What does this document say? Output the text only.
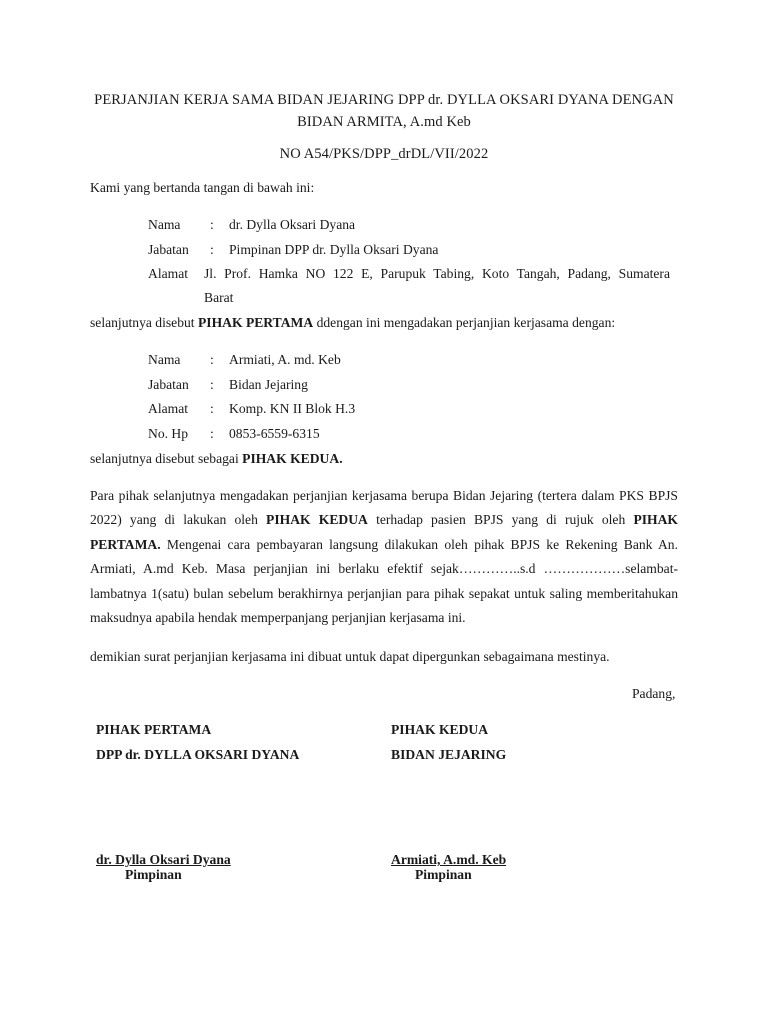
PERJANJIAN KERJA SAMA BIDAN JEJARING DPP dr. DYLLA OKSARI DYANA DENGAN
BIDAN ARMITA, A.md Keb
NO A54/PKS/DPP_drDL/VII/2022
Kami yang bertanda tangan di bawah ini:
Nama : dr. Dylla Oksari Dyana
Jabatan : Pimpinan DPP dr. Dylla Oksari Dyana
Alamat Jl. Prof. Hamka NO 122 E, Parupuk Tabing, Koto Tangah, Padang, Sumatera
Barat
selanjutnya disebut PIHAK PERTAMA ddengan ini mengadakan perjanjian kerjasama dengan:
Nama : Armiati, A. md. Keb
Jabatan : Bidan Jejaring
Alamat : Komp. KN II Blok H.3
No. Hp : 0853-6559-6315
selanjutnya disebut sebagai PIHAK KEDUA.
Para pihak selanjutnya mengadakan perjanjian kerjasama berupa Bidan Jejaring (tertera dalam PKS BPJS
2022) yang di lakukan oleh PIHAK KEDUA terhadap pasien BPJS yang di rujuk oleh PIHAK
PERTAMA. Mengenai cara pembayaran langsung dilakukan oleh pihak BPJS ke Rekening Bank An.
Armiati, A.md Keb. Masa perjanjian ini berlaku efektif sejak…………..s.d ………………selambat-
lambatnya 1(satu) bulan sebelum berakhirnya perjanjian para pihak sepakat untuk saling memberitahukan
maksudnya apabila hendak memperpanjang perjanjian kerjasama ini.
demikian surat perjanjian kerjasama ini dibuat untuk dapat dipergunkan sebagaimana mestinya.
Padang,
PIHAK PERTAMA
DPP dr. DYLLA OKSARI DYANA
PIHAK KEDUA
BIDAN JEJARING
dr. Dylla Oksari Dyana
Pimpinan
Armiati, A.md. Keb
Pimpinan
